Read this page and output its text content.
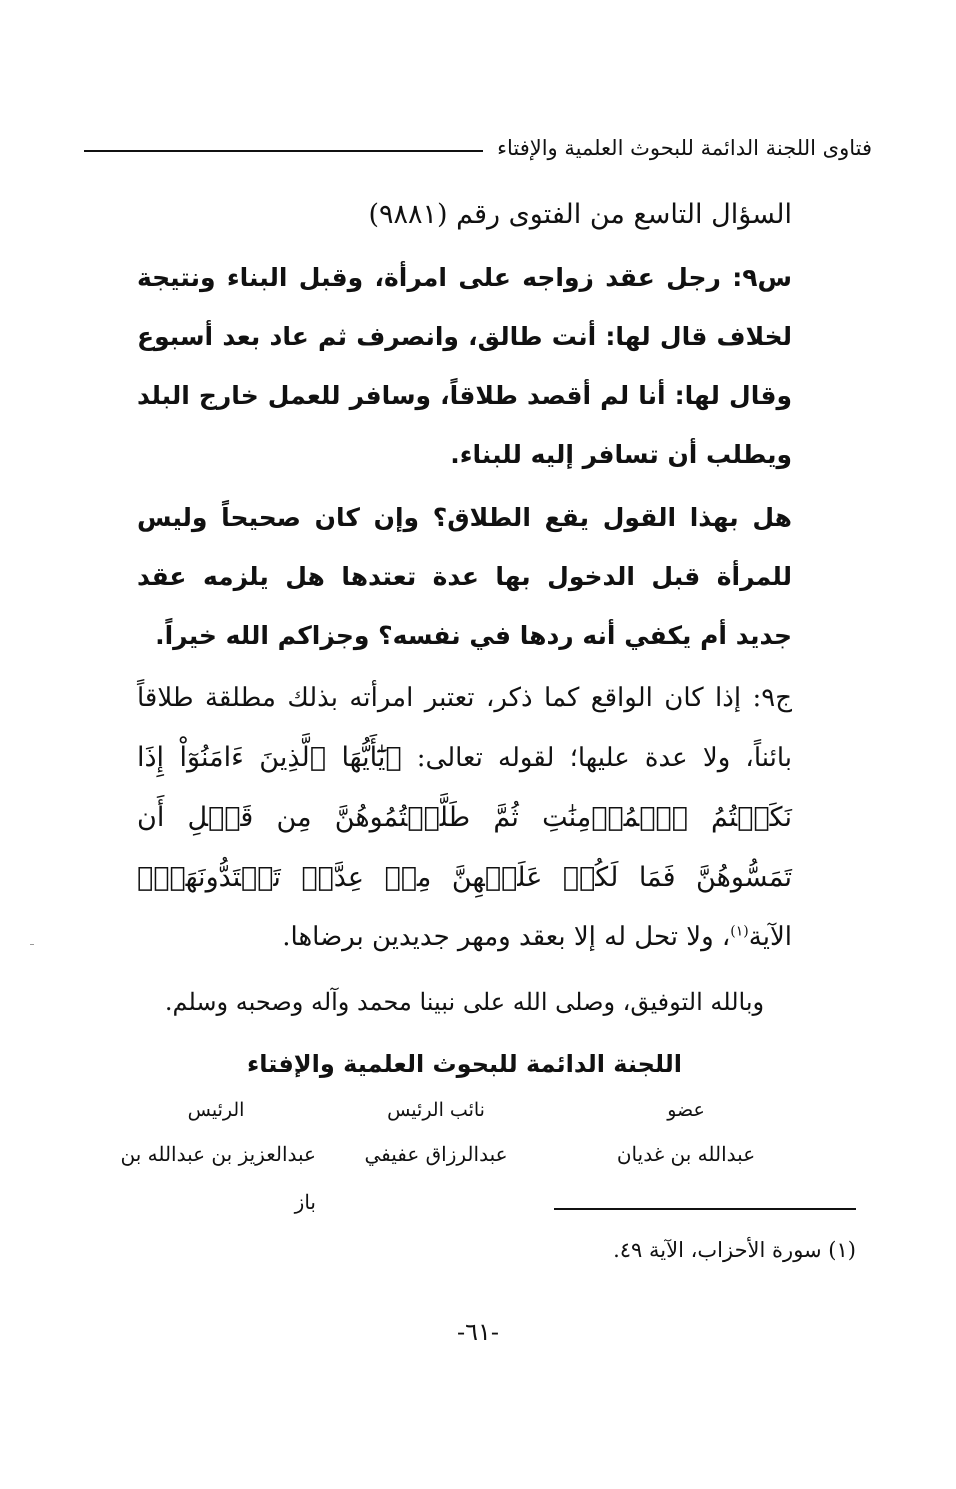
فتاوى اللجنة الدائمة للبحوث العلمية والإفتاء

السؤال التاسع من الفتوى رقم (٩٨٨١)

س٩: رجل عقد زواجه على امرأة، وقبل البناء ونتيجة لخلاف قال لها: أنت طالق، وانصرف ثم عاد بعد أسبوع وقال لها: أنا لم أقصد طلاقاً، وسافر للعمل خارج البلد ويطلب أن تسافر إليه للبناء.

هل بهذا القول يقع الطلاق؟ وإن كان صحيحاً وليس للمرأة قبل الدخول بها عدة تعتدها هل يلزمه عقد جديد أم يكفي أنه ردها في نفسه؟ وجزاكم الله خيراً.

ج٩: إذا كان الواقع كما ذكر، تعتبر امرأته بذلك مطلقة طلاقاً بائناً، ولا عدة عليها؛ لقوله تعالى: ﴿يَٰٓأَيُّهَا ٱلَّذِينَ ءَامَنُوٓاْ إِذَا نَكَحۡتُمُ ٱلۡمُؤۡمِنَٰتِ ثُمَّ طَلَّقۡتُمُوهُنَّ مِن قَبۡلِ أَن تَمَسُّوهُنَّ فَمَا لَكُمۡ عَلَيۡهِنَّ مِنۡ عِدَّةٖ تَعۡتَدُّونَهَاۖ﴾ الآية$^{(١)}$، ولا تحل له إلا بعقد ومهر جديدين برضاها.

وبالله التوفيق، وصلى الله على نبينا محمد وآله وصحبه وسلم.
اللجنة الدائمة للبحوث العلمية والإفتاء
عضو
عبدالله بن غديان
نائب الرئيس
عبدالرزاق عفيفي
الرئيس
عبدالعزيز بن عبدالله بن باز
(١) سورة الأحزاب، الآية ٤٩.
-٦١-
